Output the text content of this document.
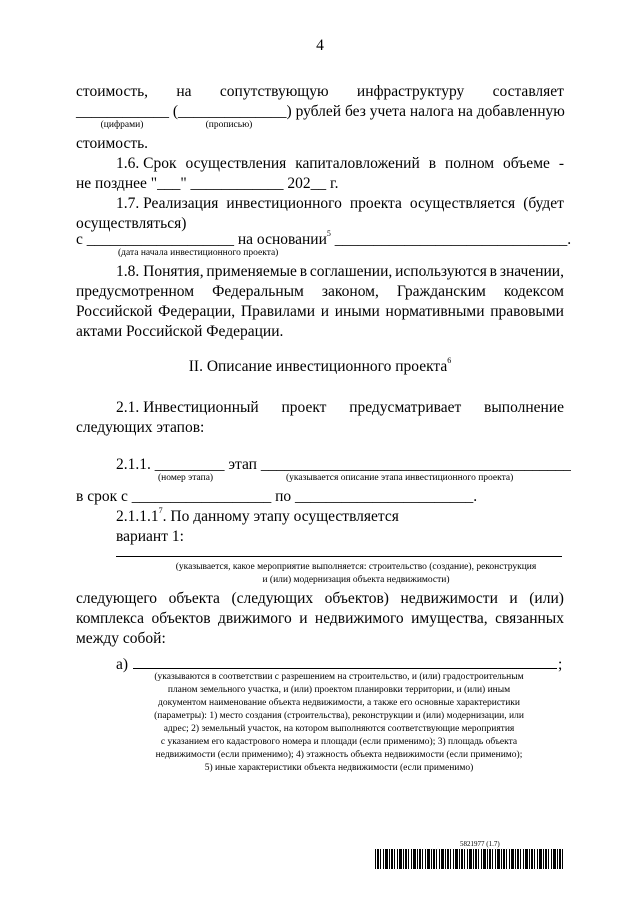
4
стоимость, на сопутствующую инфраструктуру составляет
____________ (______________) рублей без учета налога на добавленную
(цифрами)	(прописью)
стоимость.
1.6. Срок осуществления капиталовложений в полном объеме -
не позднее "___" ____________ 202__ г.
1.7. Реализация инвестиционного проекта осуществляется (будет
осуществляться)
с ___________________ на основании$^5$ ______________________________.
(дата начала инвестиционного проекта)
1.8. Понятия, применяемые в соглашении, используются в значении,
предусмотренном Федеральным законом, Гражданским кодексом
Российской Федерации, Правилами и иными нормативными правовыми
актами Российской Федерации.
II. Описание инвестиционного проекта$^6$
2.1. Инвестиционный проект предусматривает выполнение
следующих этапов:
2.1.1. _________ этап ________________________________________
(номер этапа)	(указывается описание этапа инвестиционного проекта)
в срок с __________________ по _______________________.
2.1.1.1$^7$. По данному этапу осуществляется
вариант 1:
(указывается, какое мероприятие выполняется: строительство (создание), реконструкция
и (или) модернизация объекта недвижимости)
следующего объекта (следующих объектов) недвижимости и (или)
комплекса объектов движимого и недвижимого имущества, связанных
между собой:
а)	;
(указываются в соответствии с разрешением на строительство, и (или) градостроительным
планом земельного участка, и (или) проектом планировки территории, и (или) иным
документом наименование объекта недвижимости, а также его основные характеристики
(параметры): 1) место создания (строительства), реконструкции и (или) модернизации, или
адрес; 2) земельный участок, на котором выполняются соответствующие мероприятия
с указанием его кадастрового номера и площади (если применимо); 3) площадь объекта
недвижимости (если применимо); 4) этажность объекта недвижимости (если применимо);
5) иные характеристики объекта недвижимости (если применимо)
5821977 (1.7)
